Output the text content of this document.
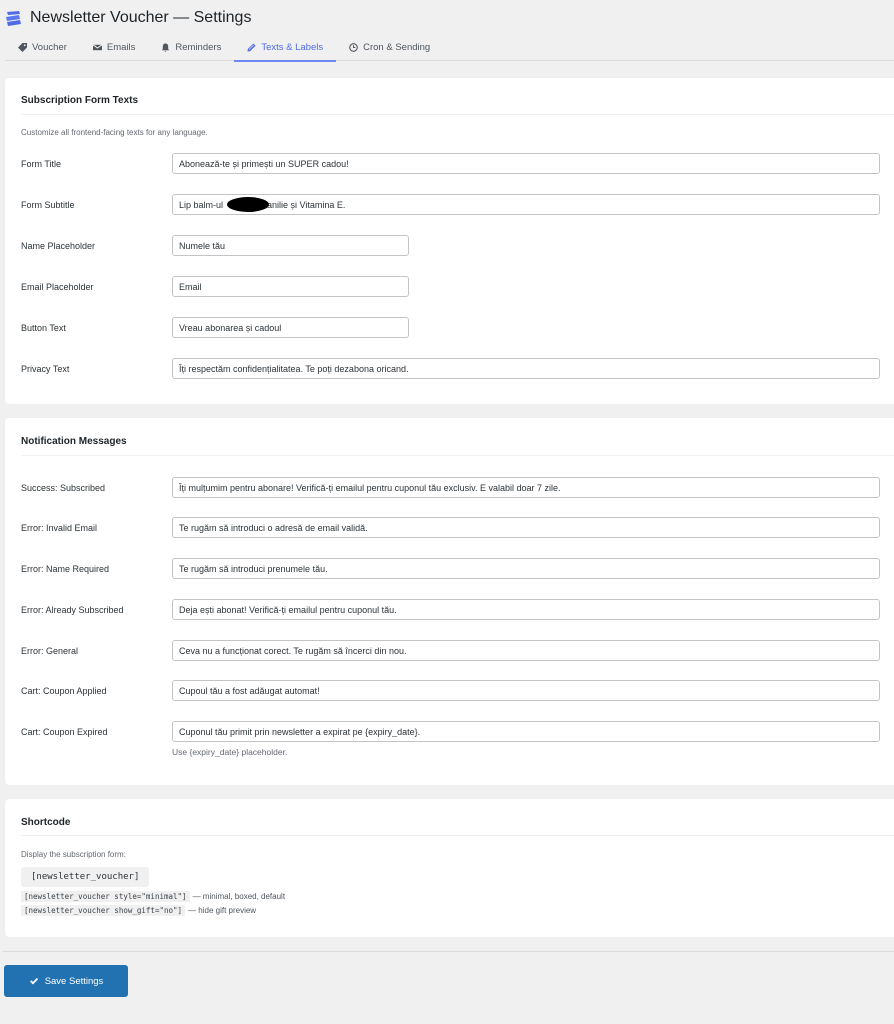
Newsletter Voucher — Settings
Voucher	Emails	Reminders	Texts & Labels	Cron & Sending
Subscription Form Texts
Customize all frontend-facing texts for any language.
Form Title
Abonează-te și primești un SUPER cadou!
Form Subtitle
Lip balm-ul cu vanilie și Vitamina E.
Name Placeholder
Numele tău
Email Placeholder
Email
Button Text
Vreau abonarea și cadoul
Privacy Text
Îți respectăm confidențialitatea. Te poți dezabona oricand.
Notification Messages
Success: Subscribed
Îți mulțumim pentru abonare! Verifică-ți emailul pentru cuponul tău exclusiv. E valabil doar 7 zile.
Error: Invalid Email
Te rugăm să introduci o adresă de email validă.
Error: Name Required
Te rugăm să introduci prenumele tău.
Error: Already Subscribed
Deja ești abonat! Verifică-ți emailul pentru cuponul tău.
Error: General
Ceva nu a funcționat corect. Te rugăm să încerci din nou.
Cart: Coupon Applied
Cupoul tău a fost adăugat automat!
Cart: Coupon Expired
Cuponul tău primit prin newsletter a expirat pe {expiry_date}.
Use {expiry_date} placeholder.
Shortcode
Display the subscription form:
[newsletter_voucher]
[newsletter_voucher style="minimal"] — minimal, boxed, default
[newsletter_voucher show_gift="no"] — hide gift preview
Save Settings
